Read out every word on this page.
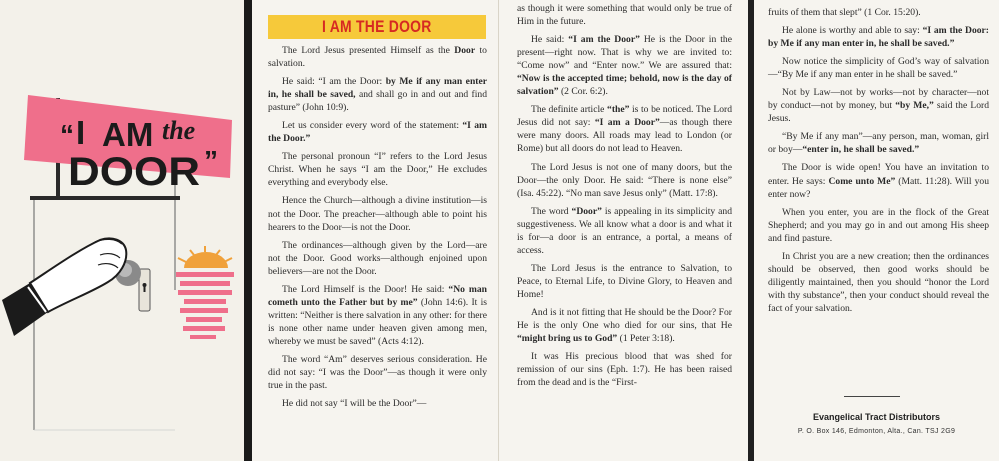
“ I AM the
DOOR ”
I AM THE DOOR

The Lord Jesus presented Himself as the Door to salvation.

He said: “I am the Door: by Me if any man enter in, he shall be saved, and shall go in and out and find pasture” (John 10:9).

Let us consider every word of the statement: “I am the Door.”

The personal pronoun “I” refers to the Lord Jesus Christ. When he says “I am the Door,” He excludes everything and everybody else.

Hence the Church—although a divine institution—is not the Door. The preacher—although able to point his hearers to the Door—is not the Door.

The ordinances—although given by the Lord—are not the Door. Good works—although enjoined upon believers—are not the Door.

The Lord Himself is the Door! He said: “No man cometh unto the Father but by me” (John 14:6). It is written: “Neither is there salvation in any other: for there is none other name under heaven given among men, whereby we must be saved” (Acts 4:12).

The word “Am” deserves serious consideration. He did not say: “I was the Door”—as though it were only true in the past.

He did not say “I will be the Door”—

as though it were something that would only be true of Him in the future.

He said: “I am the Door” He is the Door in the present—right now. That is why we are invited to: “Come now” and “Enter now.” We are assured that: “Now is the accepted time; behold, now is the day of salvation” (2 Cor. 6:2).

The definite article “the” is to be noticed. The Lord Jesus did not say: “I am a Door”—as though there were many doors. All roads may lead to London (or Rome) but all doors do not lead to Heaven.

The Lord Jesus is not one of many doors, but the Door—the only Door. He said: “There is none else” (Isa. 45:22). “No man save Jesus only” (Matt. 17:8).

The word “Door” is appealing in its simplicity and suggestiveness. We all know what a door is and what it is for—a door is an entrance, a portal, a means of access.

The Lord Jesus is the entrance to Salvation, to Peace, to Eternal Life, to Divine Glory, to Heaven and Home!

And is it not fitting that He should be the Door? For He is the only One who died for our sins, that He “might bring us to God” (1 Peter 3:18).

It was His precious blood that was shed for remission of our sins (Eph. 1:7). He has been raised from the dead and is the “First-

fruits of them that slept” (1 Cor. 15:20).

He alone is worthy and able to say: “I am the Door: by Me if any man enter in, he shall be saved.”

Now notice the simplicity of God’s way of salvation—“By Me if any man enter in he shall be saved.”

Not by Law—not by works—not by character—not by conduct—not by money, but “by Me,” said the Lord Jesus.

“By Me if any man”—any person, man, woman, girl or boy—“enter in, he shall be saved.”

The Door is wide open! You have an invitation to enter. He says: Come unto Me” (Matt. 11:28). Will you enter now?

When you enter, you are in the flock of the Great Shepherd; and you may go in and out among His sheep and find pasture.

In Christ you are a new creation; then the ordinances should be observed, then good works should be diligently maintained, then you should “honor the Lord with thy substance”, then your conduct should reveal the fact of your salvation.

Evangelical Tract Distributors
P. O. Box 146, Edmonton, Alta., Can. TSJ 2G9
